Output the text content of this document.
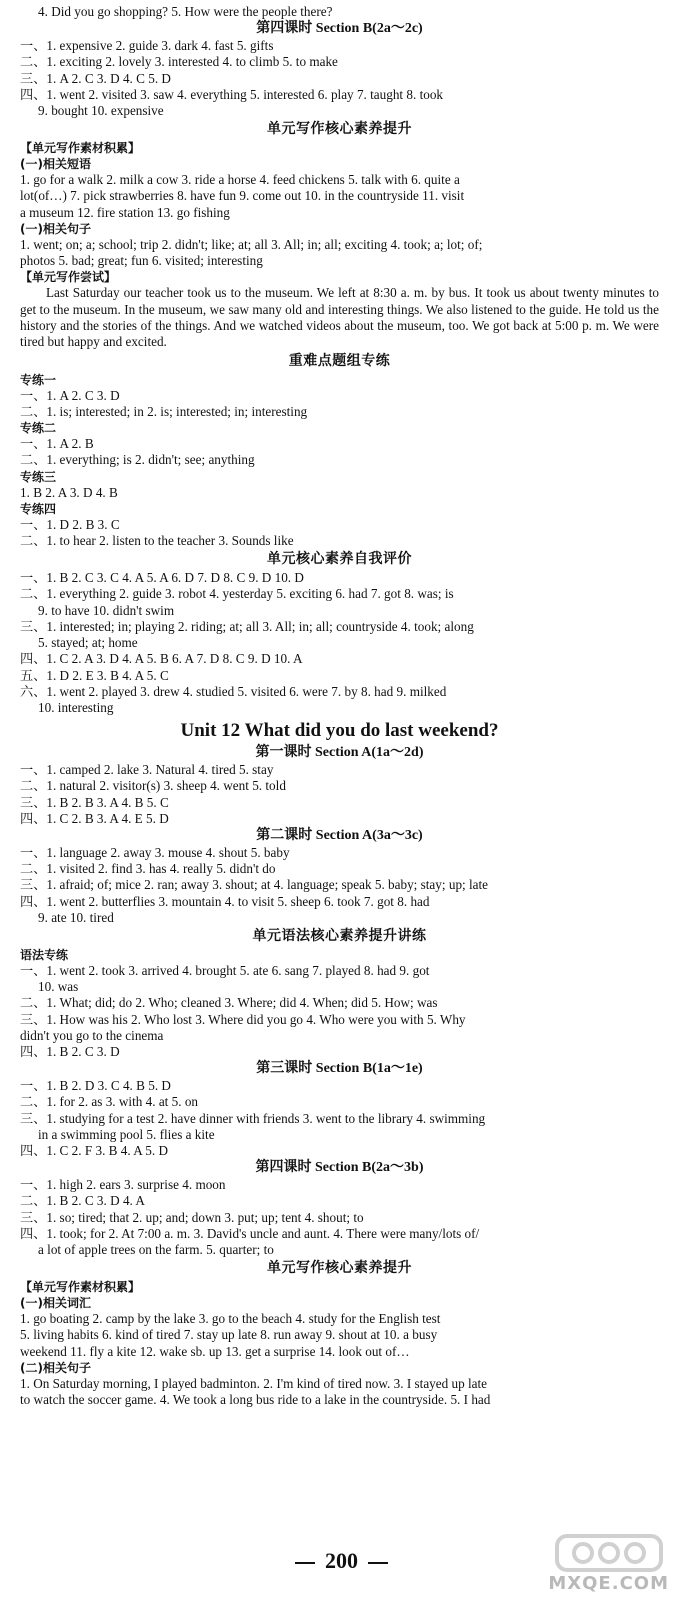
4. Did you go shopping? 5. How were the people there?
第四课时 Section B(2a～2c)
一、1. expensive 2. guide 3. dark 4. fast 5. gifts
二、1. exciting 2. lovely 3. interested 4. to climb 5. to make
三、1. A 2. C 3. D 4. C 5. D
四、1. went 2. visited 3. saw 4. everything 5. interested 6. play 7. taught 8. took
9. bought 10. expensive
单元写作核心素养提升
【单元写作素材积累】
(一)相关短语
1. go for a walk 2. milk a cow 3. ride a horse 4. feed chickens 5. talk with 6. quite a
lot(of…) 7. pick strawberries 8. have fun 9. come out 10. in the countryside 11. visit
a museum 12. fire station 13. go fishing
(一)相关句子
1. went; on; a; school; trip 2. didn't; like; at; all 3. All; in; all; exciting 4. took; a; lot; of;
photos 5. bad; great; fun 6. visited; interesting
【单元写作尝试】

Last Saturday our teacher took us to the museum. We left at 8:30 a. m. by bus. It took us about twenty minutes to get to the museum. In the museum, we saw many old and interesting things. We also listened to the guide. He told us the history and the stories of the things. And we watched videos about the museum, too. We got back at 5:00 p. m. We were tired but happy and excited.

重难点题组专练
专练一
一、1. A 2. C 3. D
二、1. is; interested; in 2. is; interested; in; interesting
专练二
一、1. A 2. B
二、1. everything; is 2. didn't; see; anything
专练三
1. B 2. A 3. D 4. B
专练四
一、1. D 2. B 3. C
二、1. to hear 2. listen to the teacher 3. Sounds like
单元核心素养自我评价
一、1. B 2. C 3. C 4. A 5. A 6. D 7. D 8. C 9. D 10. D
二、1. everything 2. guide 3. robot 4. yesterday 5. exciting 6. had 7. got 8. was; is
9. to have 10. didn't swim
三、1. interested; in; playing 2. riding; at; all 3. All; in; all; countryside 4. took; along
5. stayed; at; home
四、1. C 2. A 3. D 4. A 5. B 6. A 7. D 8. C 9. D 10. A
五、1. D 2. E 3. B 4. A 5. C
六、1. went 2. played 3. drew 4. studied 5. visited 6. were 7. by 8. had 9. milked
10. interesting
Unit 12 What did you do last weekend?
第一课时 Section A(1a～2d)
一、1. camped 2. lake 3. Natural 4. tired 5. stay
二、1. natural 2. visitor(s) 3. sheep 4. went 5. told
三、1. B 2. B 3. A 4. B 5. C
四、1. C 2. B 3. A 4. E 5. D
第二课时 Section A(3a～3c)
一、1. language 2. away 3. mouse 4. shout 5. baby
二、1. visited 2. find 3. has 4. really 5. didn't do
三、1. afraid; of; mice 2. ran; away 3. shout; at 4. language; speak 5. baby; stay; up; late
四、1. went 2. butterflies 3. mountain 4. to visit 5. sheep 6. took 7. got 8. had
9. ate 10. tired
单元语法核心素养提升讲练
语法专练
一、1. went 2. took 3. arrived 4. brought 5. ate 6. sang 7. played 8. had 9. got
10. was
二、1. What; did; do 2. Who; cleaned 3. Where; did 4. When; did 5. How; was
三、1. How was his 2. Who lost 3. Where did you go 4. Who were you with 5. Why
didn't you go to the cinema
四、1. B 2. C 3. D
第三课时 Section B(1a～1e)
一、1. B 2. D 3. C 4. B 5. D
二、1. for 2. as 3. with 4. at 5. on
三、1. studying for a test 2. have dinner with friends 3. went to the library 4. swimming
in a swimming pool 5. flies a kite
四、1. C 2. F 3. B 4. A 5. D
第四课时 Section B(2a～3b)
一、1. high 2. ears 3. surprise 4. moon
二、1. B 2. C 3. D 4. A
三、1. so; tired; that 2. up; and; down 3. put; up; tent 4. shout; to
四、1. took; for 2. At 7:00 a. m. 3. David's uncle and aunt. 4. There were many/lots of/
a lot of apple trees on the farm. 5. quarter; to
单元写作核心素养提升
【单元写作素材积累】
(一)相关词汇
1. go boating 2. camp by the lake 3. go to the beach 4. study for the English test
5. living habits 6. kind of tired 7. stay up late 8. run away 9. shout at 10. a busy
weekend 11. fly a kite 12. wake sb. up 13. get a surprise 14. look out of…
(二)相关句子
1. On Saturday morning, I played badminton. 2. I'm kind of tired now. 3. I stayed up late
to watch the soccer game. 4. We took a long bus ride to a lake in the countryside. 5. I had
200
MXQE.COM
